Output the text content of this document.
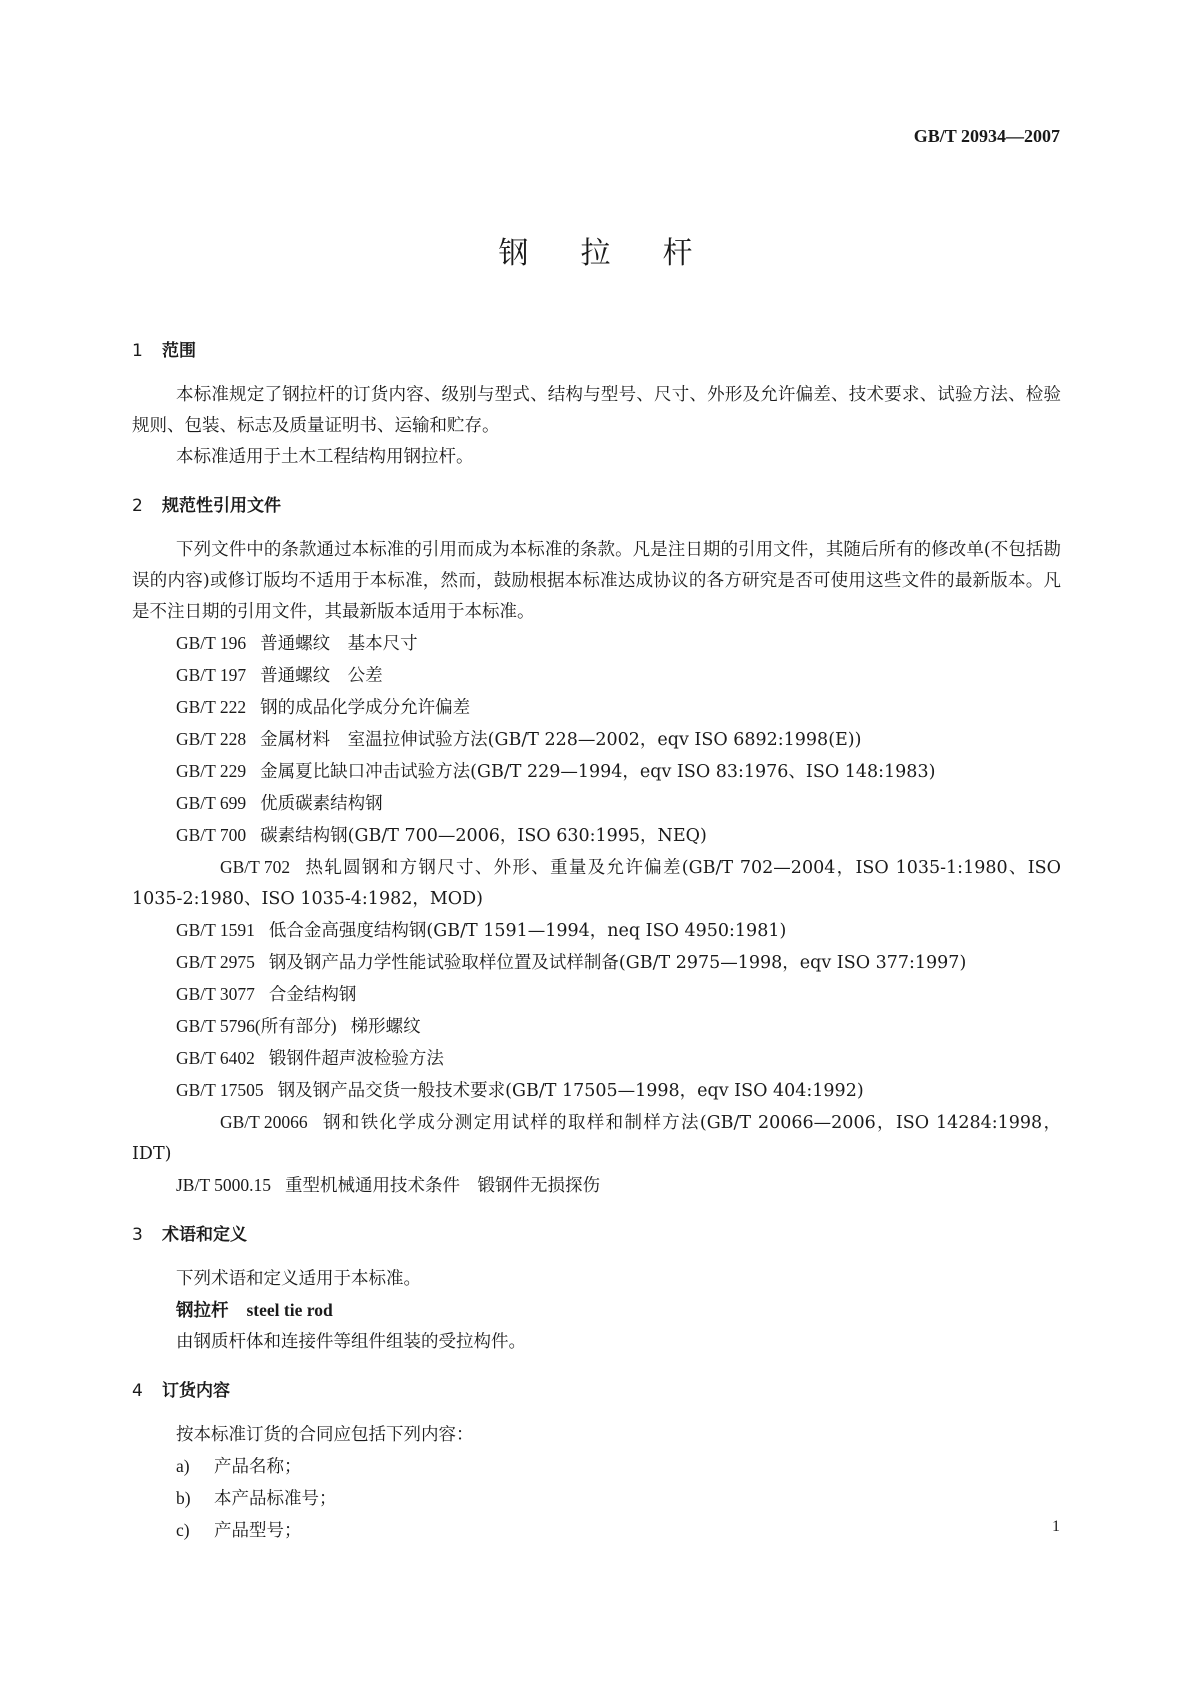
GB/T 20934—2007
钢拉杆
1 范围

本标准规定了钢拉杆的订货内容、级别与型式、结构与型号、尺寸、外形及允许偏差、技术要求、试验方法、检验规则、包装、标志及质量证明书、运输和贮存。

本标准适用于土木工程结构用钢拉杆。

2 规范性引用文件

下列文件中的条款通过本标准的引用而成为本标准的条款。凡是注日期的引用文件，其随后所有的修改单(不包括勘误的内容)或修订版均不适用于本标准，然而，鼓励根据本标准达成协议的各方研究是否可使用这些文件的最新版本。凡是不注日期的引用文件，其最新版本适用于本标准。

GB/T 196 普通螺纹　基本尺寸
GB/T 197 普通螺纹　公差
GB/T 222 钢的成品化学成分允许偏差
GB/T 228 金属材料　室温拉伸试验方法(GB/T 228—2002，eqv ISO 6892:1998(E))
GB/T 229 金属夏比缺口冲击试验方法(GB/T 229—1994，eqv ISO 83:1976、ISO 148:1983)
GB/T 699 优质碳素结构钢
GB/T 700 碳素结构钢(GB/T 700—2006，ISO 630:1995，NEQ)
GB/T 702 热轧圆钢和方钢尺寸、外形、重量及允许偏差(GB/T 702—2004，ISO 1035-1:1980、ISO 1035-2:1980、ISO 1035-4:1982，MOD)
GB/T 1591 低合金高强度结构钢(GB/T 1591—1994，neq ISO 4950:1981)
GB/T 2975 钢及钢产品力学性能试验取样位置及试样制备(GB/T 2975—1998，eqv ISO 377:1997)
GB/T 3077 合金结构钢
GB/T 5796(所有部分) 梯形螺纹
GB/T 6402 锻钢件超声波检验方法
GB/T 17505 钢及钢产品交货一般技术要求(GB/T 17505—1998，eqv ISO 404:1992)
GB/T 20066 钢和铁化学成分测定用试样的取样和制样方法(GB/T 20066—2006，ISO 14284:1998，IDT)
JB/T 5000.15 重型机械通用技术条件　锻钢件无损探伤
3 术语和定义

下列术语和定义适用于本标准。

钢拉杆 steel tie rod

由钢质杆体和连接件等组件组装的受拉构件。

4 订货内容

按本标准订货的合同应包括下列内容：

a) 产品名称；
b) 本产品标准号；
c) 产品型号；	1
